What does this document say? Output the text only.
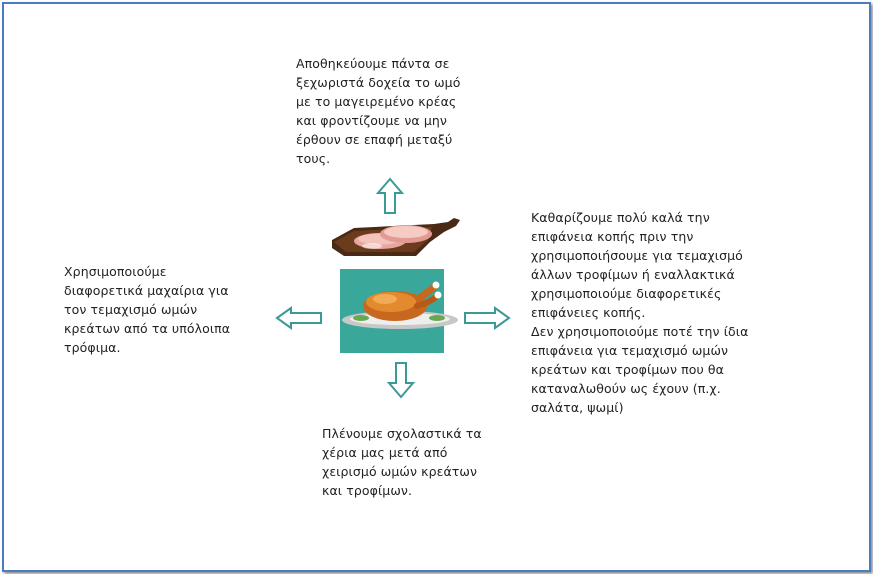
Αποθηκεύουμε πάντα σε
ξεχωριστά δοχεία το ωμό
με το μαγειρεμένο κρέας
και φροντίζουμε να μην
έρθουν σε επαφή μεταξύ
τους.
Χρησιμοποιούμε
διαφορετικά μαχαίρια για
τον τεμαχισμό ωμών
κρεάτων από τα υπόλοιπα
τρόφιμα.
Καθαρίζουμε πολύ καλά την
επιφάνεια κοπής πριν την
χρησιμοποιήσουμε για τεμαχισμό
άλλων τροφίμων ή εναλλακτικά
χρησιμοποιούμε διαφορετικές
επιφάνειες κοπής.
Δεν χρησιμοποιούμε ποτέ την ίδια
επιφάνεια για τεμαχισμό ωμών
κρεάτων και τροφίμων που θα
καταναλωθούν ως έχουν (π.χ.
σαλάτα, ψωμί)
Πλένουμε σχολαστικά τα
χέρια μας μετά από
χειρισμό ωμών κρεάτων
και τροφίμων.
